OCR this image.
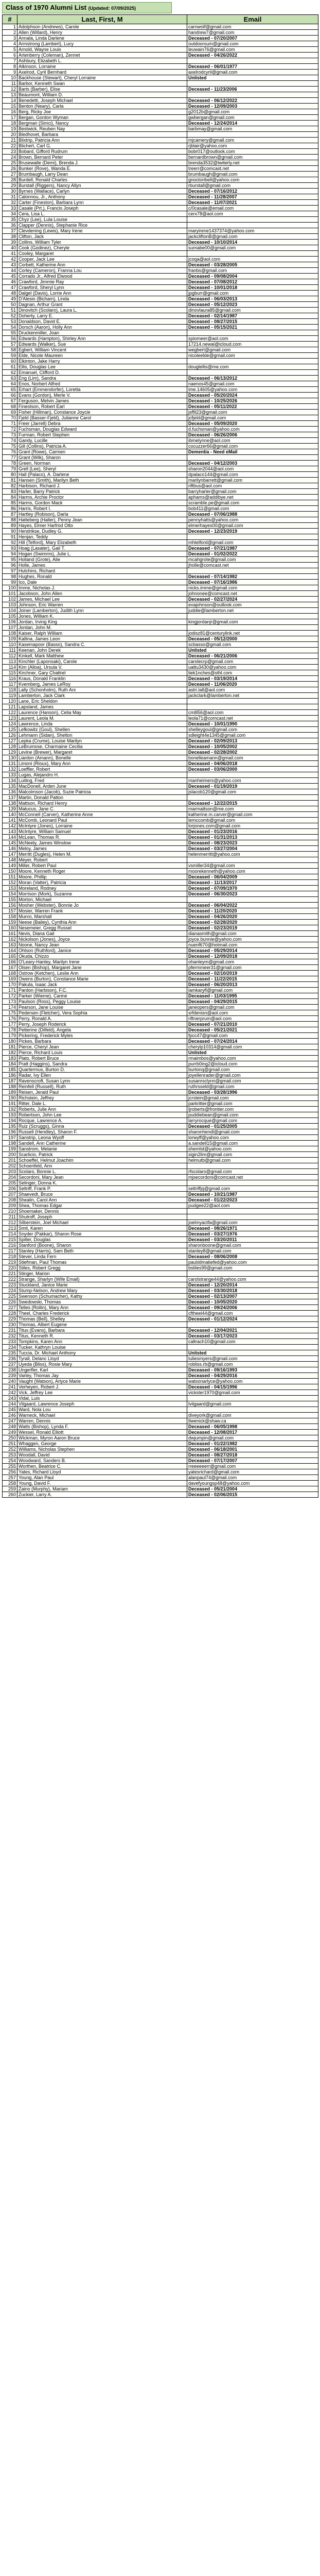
Class of 1970 Alumni List (Updated: 07/09/2025)
#	Last, First, M	Email
1	Adolphson (Andrews), Carole	carnwolf@gmail.com
2	Allen (Willard), Henry	handrew7@gmail.com
3	Annala, Linda Darlene	Deceased - 07/20/2007
4	Armstrong (Lambert), Lucy	outdoorsum@gmail.com
5	Arnold, Wayne Louis	leuwain76@gmail.com
6	Artenberry (Coleman), Zennet	Deceased - 04/26/2022
7	Ashbury, Elizabeth L.	
8	Atkinson, Lorraine	Deceased - 06/01/1977
9	Axelrod, Cyril Bernhard	axelrodcyril@gmail.com
10	Backhouse (Stewart), Cheryl Lorraine	Unlisted
11	Barbor, Kenneth Swan	
12	Barts (Barber), Elise	Deceased - 11/23/2006
13	Beaumont, William D.	
14	Benedetti, Joseph Michael	Deceased - 06/12/2022
15	Benton (Neary), Carla	Deceased - 12/09/2003
16	Berg, Ricky Joe	g2012b@gmail.com
17	Bergan, Gordon Wyman	gwbergan@gmail.com
18	Bergman (Simci), Nancy	Deceased - 12/24/2014
19	Bestwick, Reuben Nay	barbmay@gmail.com
20	Bledhovet, Barbara	
21	Blixtrip, Patricia Ann	mjcamery@gmail.com
22	Blichert, Carl G.	rjblair@yahoo.com
23	Bobard, Gifford Rudrum	bobr017@outlook.com
24	Brown, Bernard Peter	bernardbrown@gmail.com
25	Brusewalle (Demi), Brenda J.	brenda3532@twiterly.net
26	Bunker (Rove), Wanda E.	treerr@comcast.net
27	Brumbaugh, Larry Dean	brumbaugh@gmail.com
28	Burdell, Ronald Charles	gnoctoribell@yahoo.com
29	Burstall (Riggers), Nancy Allyn	rburstall@gmail.com
30	Byrnes (Wallace), Carlyn	Deceased - 07/16/2012
31	Calonnou, Jr., Anthony	Deceased - 11/28/2007
32	Carter (Fineston), Barbara Lynn	Deceased - 11/07/2021
33	Casale (Prt.), Francis Joseph	c/0casale@email.com
34	Cera, Lisa L.	cerx78@aol.com
35	Chyz (Lee), Lula Louise	
36	Clapper (Dennis), Stephanie Rice	
37	Clevdening (Lewis), Mary Irene	maryirene1437374@yahoo.com
38	Clifton, Jack	jackcliftonB@gmail.com
39	Collins, William Tyler	Deceased - 10/10/2014
40	Cook (Godinez), Cheryle	sumabe00@gmail.com
41	Cooley, Margaret	
42	Cooper, Jack Lee	jcoqa@aol.com
43	Corbett, Katherine Ann	Deceased - 03/28/2005
44	Corley (Cameron), Franna Lou	franbs@gmail.com
45	Corrado Jr., Alfred Elwood	Deceased - 09/08/2004
46	Crawford, Jimmie Ray	Deceased - 07/08/2012
47	Crawford, Sheryl Lynn	Deceased - 10/01/2018
48	Dalgel (Davis), Lorrie Ann	jpgburr@gmail.com
49	D'Alesio (Bicham), Linda	Deceased - 06/03/2013
50	Dagnan, Arthur Grant	Deceased - 05/12/2023
51	Dinovitch (Scolaro), Laura L.	dinovlaura85@gmail.com
52	Doherty, Larry E.	Deceased - 02/14/1987
53	Donaldson, David E.	Deceased - 08/27/2015
54	Dorsch (Aaron), Holly Ann	Deceased - 05/15/2021
55	Druckenmiller, Joan	
56	Edwards (Hampton), Shirley Ann	spiomeer@aol.com
57	Edwards (Walker), Sue	17214.newal@icloud.com
58	Egbert, William Vincent	wegbert@gmail.com
59	Elde, Nicole Maureen	nicoleelde@gmail.com
60	Elkinton, Jake Harry	
61	Ellis, Douglas Lee	douglellis@me.com
62	Emanuel, Clifford D.	
63	Eng (Lim), Sandra	Deceased - 06/13/2012
64	Enos, Norbert Alfred	naenos45@gmail.com
65	Erhart (Emmendorfer), Loretta	ime.14605@yahoo.com
66	Evans (Gordon), Merle V.	Deceased - 05/20/2024
67	Ferguson, Melvin James	Deceased - 10/25/2026
68	Fineolson, Robert Earl	Deceased - 05/11/2022
69	Fisher (Hillman), Constance Joycie	jsffil23@gmail.com
70	Fjeld (Basser-Fjeld), Julianne Carol	jcfjeld@gmail.com
71	Freer (Jarrell) Debra	Deceased - 05/09/2020
72	Fuchsman, Douglas Edward	d.fuchsman@yahoo.com
73	Furman, Robert Stephen	Deceased - 06/26/2006
74	Gandy, Lucille	ibmelynne@aol.com
75	Gill (Collins), Patricia A.	cocuzzer66@gmail.com
76	Grant (Rowe), Carmen	Dementia - Need eMail
77	Grant (Wilk), Sharon	
78	Green, Norman	Deceased - 04/12/2003
79	Grell (Lee), Sheryl	sharon2044@aol.com
80	Hall (Palaco), A. Darlene	dpalaco144@gmail.com
81	Hansen (Smith), Marilyn Beth	marilynbarrett@gmail.com
82	Harbison, Richard J.	riftbus@aol.com
83	Harler, Barry Patrick	barryharler@gmail.com
84	Harms, Archie Proctor	aphams@addibye.net
85	Harms, Gordon Mack	scramble.pe@gmail.com
86	Harris, Robert I.	bob411@gmail.com
87	Hartley (Robison), Darla	Deceased - 07/06/1988
88	Hatteberg (Haller), Penny Jean	pennyhatts@yahoo.com
89	Hayes, Elmer Harfrod Otto	elmerhayes00@gmail.com
90	Hendrikse, Dudley G.	Deceased - 12/23/2019
91	Henjan, Teddy	
92	Hill (Telford), Mary Elizabeth	mhtelford@gmail.com
93	Hoag (Lasater), Gail T.	Deceased - 07/21/1987
94	Hogan (Swimms), Julie L.	Deceased - 01/02/2022
95	Holland (Grote), Alie	mcahgrote@gmail.com
96	Holle, James	jholle@comcast.net
97	Hutchins, Richard	
98	Hughes, Ronald	Deceased - 07/14/1982
99	Ico, Dale	Deceased - 07/16/1986
100	Imme, Nicholas J.	nicks.imme@gmail.com
101	Jacobson, John Allen	johnonee@comcast.net
102	James, Michael Lee	Deceased - 02/27/2024
103	Johnson, Eric Warren	evajohnson@outlook.com
104	Joiner (Lamberton), Judith Lynn	juddie@lamberton.net
105	Jones, William K.	
106	Jordan, Irving King	kingjordanjr@gmail.com
107	Jordan, John M.	
108	Kaiser, Ralph William	jodisz81@centurylink.net
109	Kallina, James Leon	Deceased - 05/12/2000
110	Kasemapoor (Basso), Sandra C.	scbasso@gmail.com
111	Keenan, John Derek	Unlisted
112	Kinkell, Mark Matthew	Deceased - 06/21/2006
113	Kinchler (Laponsaki), Carole	carolecrp@gmail.com
114	Kim (Alloa), Ursula V.	uattu3430@yahoo.com
115	Kirchner, Gary Chattrel	liek1nches@sthl.com
116	Kraus, Donald Franklin	Deceased - 03/19/2014
117	Kvemberg, James LeRoy	Deceased - 11/06/2020
118	Lally (Schonholm), Ruth Ani	astri.lall@aol.com
119	Lamberton, Jack Clark	jackclark@lamberton.net
120	Lane, Eric Sheldon	
121	Lapsland, James	
122	Laurence (Hanson), Celia May	cmlll56@aol.com
123	Laurent, Leola M.	leola71@comcast.net
124	Lawrence, Linda	Deceased - 10/01/1990
125	Lefkowitz (Goul), Shellen	shelleygoul@gmail.com
126	Lehmann (Sidan), Shelton	sdleight4e1345@gmail.com
127	Lepka (Crume), Louise Marilyn	Deceased - 02/09/2013
128	LeBrumose, Charmaine Cecilia	Deceased - 10/05/2002
129	Levine (Brewer), Margaret	Deceased - 02/28/2002
130	Liardon (Amann), Bonelle	bonelleamann@gmail.com
131	Limoni (Rioux), Mary Ann	Deceased - 04/06/2018
132	Loeffler, Robert	Deceased - 03/06/2000
133	Lugas, Alejandro H.	
134	Luiting, Fred	manheimers@yahoo.com
135	MacDonell, Arden June	Deceased - 01/19/2019
136	Malcolmson (Jacob), Suzie Patricia	jslacob120@gmail.com
137	Martin, Donald Patton	
138	Mattson, Richard Henry	Deceased - 12/22/2015
139	Matucus, Jane C.	marmattson@me.com
140	McConnell (Carver), Katherine Anne	katherine.m.carver@gmail.com
141	McComb, Leonard Paul	lemccomb@gmail.com
142	McIntyre (Jones), Lorraine	lorjones.com@gmail.com
143	McIntyre, William Samuel	Deceased - 01/23/2016
144	McLean, Thomas R.	Deceased - 01/31/2013
145	McNeely, James Winslow	Deceased - 08/23/2023
146	Meloy, James	Deceased - 03/27/2004
147	Merritt (Dugles), Helen M.	helenmerritt@yahoo.com
148	Meyer, Robert	
149	Miller, Robert Paul	vsmiller34@gmail.com
150	Moore, Kenneth Roger	moorekenneth@yahoo.com
151	Moore, Phillip	Deceased - 06/04/2009
152	Moran (Vatter), Patricia	Deceased - 11/13/2017
153	Moreland, Rodney	Deceased - 07/09/1970
154	Morrison (Mork), Suzanne	Deceased - 06/30/2023
155	Morton, Michael	
156	Mosher (Webster), Bonnie Jo	Deceased - 06/04/2022
157	Mosier, Warren Frank	Deceased - 11/20/2020
158	Munro, Marshall	Deceased - 04/26/2020
159	Neese (Bailey), Cynthia Ann	Deceased - 02/28/2020
160	Nesemeier, Gregg Russel	Deceased - 02/23/2019
161	Nevis, Diana Gail	dianasmith@gmail.com
162	Nickolson (Jones), Joyce	joyce.bunnie@yahoo.com
163	Noone, Nancy Jean	nuenf670@hotmail.com
164	Ohlson (Ruthford), Janice	Deceased - 05/29/2014
165	Okuda, Chizzo	Deceased - 12/09/2018
166	O'Leary-Hanley, Marilyn Irene	ohanleym@gmail.com
167	Olsen (Bishop), Margaret Jane	pfermmeer31@gmail.com
168	Ostrow (Ketchen), Leslie Ann	Deceased - 02/10/2019
169	Owens (Burton), Constance Marie	Deceased - 11/22/2015
170	Pakula, Isaac Jack	Deceased - 06/20/2013
171	Pardon (Harbison), F.C.	lamkaryfl@gmail.com
172	Parker (Wieme), Carine	Deceased - 11/03/1995
173	Paulson (Ross), Peggy Louise	Deceased - 04/29/2015
174	Pearson, Jane Louise	janeopers@gmail.com
175	Pedersen (Fletcher), Vera Sophia	srfdenisn@aol.com
176	Perry, Ronald A.	riftnerprum@aol.com
177	Perry, Joseph Roderick	Deceased - 07/21/2010
178	Petterine (Dilfeld), Angela	Deceased - 05/21/2021
179	Pickering, Frederick Myles	fpcc47@gmail.com
180	Pickes, Barbara	Deceased - 07/24/2014
181	Pierce, Cheryl Jean	cherylp10314@gmail.com
182	Pierce, Richard Louis	Unlisted
183	Plato, Robert Bruce	rmaimbos@yahoo.com
184	Pratt (Haggins), Sandra	purrb0ing2@icloud.com
185	Quartermus, Burton D.	burtonq@gmail.com
186	Radar, Ivy Ellen	joyellenrader@gmail.com
187	Ravenscroft, Susan Lynn	susanrsclynn@gmail.com
188	Reinfell (Russell), Ruth	ruthrsseld@gmail.com
189	Reisen, Jerald Paul	Deceased - 03/28/1996
190	Richstein, Jeffrey	jcrstein@gmail.com
191	Ritter, Dale L.	parkritter@gmail.com
192	Roberts, Julie Ann	ljroberts@frontier.com
193	Robertson, John Lee	puddiebean@gmail.com
194	Rocque, Lawrence A.	larryrocque@gmail.com
195	Ruiz (Scruggs), Ginna	Deceased - 01/25/2005
196	Russell (Hendley), Sharon F.	sharonhendl@gmail.com
197	Sanstrip, Leona Wyoff	lorwyff@yahoo.com
198	Sandell, Ann Catherine	a.sandell15@gmail.com
199	Sanstrom, Melanie	shemlst@yahoo.com
200	Scarlicio, Patrick	sigin2lim@gmail.com
201	Schoeffel, Helmut Joachim	helmutb@gmail.com
202	Schoenfeld, Ann	
203	Scolaro, Bonnie L.	rfscolaro@gmail.com
204	Secordoni, Mary Jean	mjsecordoni@comcast.net
205	Selinger, Donna K.	
206	Seltriff, Frank P.	seltriffpj@gmail.com
207	Shaevedt, Bruce	Deceased - 10/21/1987
208	Shealin, Carol Ann	Deceased - 01/22/2023
209	Shea, Thomas Edgar	pudgee22@aol.com
210	Shoemaker, Dennis	
211	Shutroff, Joseph	
212	Silberstein, Joel Michael	joelmyactfa@gmail.com
213	Smit, Karen	Deceased - 08/26/1971
214	Snyder (Pakkar), Sharon Rose	Deceased - 03/27/1976
215	Spiller, Douglas	Deceased - 03/20/2011
216	Stanford (Boone), Sharon	sharonboone@gmail.com
217	Stanley (Harris), Sam Beth	stanley8@gmail.com
218	Stever, Linda Fern	Deceased - 08/06/2008
219	Stiefman, Paul Thomas	paulstlmatiefed@yahoo.com
220	Stiles, Robert Gregg	bstiles99@gmail.com
221	Stinger, Marion	
222	Strange, Sharlyn (Wife Email)	carolstrange44@yahoo.com
223	Stuckland, Janice Marie	Deceased - 12/20/2014
224	Stump-Nelson, Andrew Mary	Deceased - 03/30/2018
225	Swenson (Schumacher), Kathy	Deceased - 02/13/2007
226	Swedowski, Thomas	Deceased - 10/05/2020
227	Telles (Rollin), Mary Ann	Deceased - 09/24/2006
228	Theel, Charles Frederick	cftheel44@gmail.com
229	Thomas (Bell), Shelley	Deceased - 01/12/2024
230	Thomas, Albert Eugene	
231	Titus (Evans), Barbara	Deceased - 12/04/2021
232	Titus, Kenneth R.	Deceased - 03/17/2023
233	Tompkins, Karen Ann	caltrach10@gmail.com
234	Tucker, Kathryn Louise	
235	Tuccia, Dr. Michael Anthony	Unlisted
236	Tyrall, Delanc Lloyd	tuliesmyers@gmail.com
237	Uyeda (Bliss), Rosie Mary	robliss.rb@gmail.com
238	Ungerfler, Karl	Deceased - 09/16/1993
239	Varley, Thomas Jay	Deceased - 04/29/2016
240	Vaught (Watson), Arlyce Marie	watsonarlyce@yahoo.com
241	Verheyen, Robert J.	Deceased - 04/15/1996
242	Vick, Jeffrey Lee	vickster1970@gmail.com
243	Vidal, Luis	
244	Vilgaard, Lawrence Joseph	lvilgaard@gmail.com
245	Ward, Nola Lou	
246	Warneck, Michael	diveyork@gmail.com
247	Warren, Dennis	tlwenick@shaw.ca
248	Watts (Bishop), Lynda F.	Deceased - 06/05/1998
249	Wessel, Ronald Elliott	Deceased - 12/08/2017
250	Wickman, Myron Aaron Bruce	dwjumpin@gmail.com
251	Whaggen, George	Deceased - 01/22/1982
252	Williams, Nicholas Stephen	Deceased - 06/18/2001
253	Woodall, David	Deceased - 08/27/2018
254	Woodward, Sanders B.	Deceased - 07/17/2007
255	Worthen, Beatrice C.	rreeeeeerr@gmail.com
256	Yates, Richard Lloyd	yatesrichard@gmail.com
257	Young, Alan Paul	alanpaul74@gmail.com
258	Young, David F.	davefyoungsp48@yahoo.com
259	Zaino (Murphy), Mariam	Deceased - 05/21/2004
260	Zuckier, Larry A.	Deceased - 02/06/2015
